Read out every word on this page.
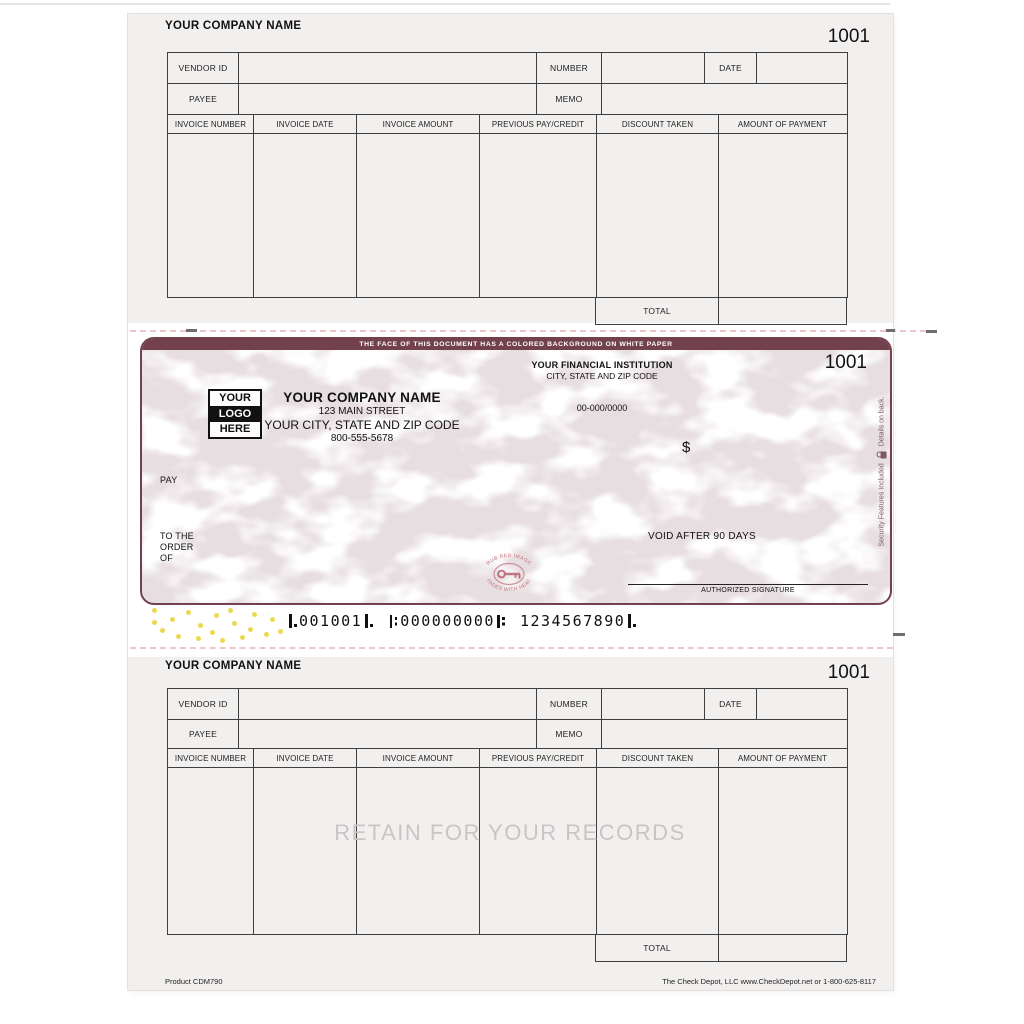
YOUR COMPANY NAME	1001
VENDOR ID	NUMBER	DATE
PAYEE	MEMO
INVOICE NUMBER	INVOICE DATE	INVOICE AMOUNT	PREVIOUS PAY/CREDIT	DISCOUNT TAKEN	AMOUNT OF PAYMENT
TOTAL
THE FACE OF THIS DOCUMENT HAS A COLORED BACKGROUND ON WHITE PAPER
1001
YOUR FINANCIAL INSTITUTION
CITY, STATE AND ZIP CODE
00-000/0000
YOUR
LOGO
HERE
YOUR COMPANY NAME
123 MAIN STREET
YOUR CITY, STATE AND ZIP CODE
800-555-5678
$
PAY
TO THE
ORDER
OF
VOID AFTER 90 DAYS
AUTHORIZED SIGNATURE
RUB RED IMAGE
FADES WITH HEAT
Security Features Included
Details on back.
001001	000000000 1234567890
YOUR COMPANY NAME	1001
VENDOR ID	NUMBER	DATE
PAYEE	MEMO
INVOICE NUMBER	INVOICE DATE	INVOICE AMOUNT	PREVIOUS PAY/CREDIT	DISCOUNT TAKEN	AMOUNT OF PAYMENT
TOTAL
RETAIN FOR YOUR RECORDS
Product CDM790	The Check Depot, LLC www.CheckDepot.net or 1-800-625-8117
